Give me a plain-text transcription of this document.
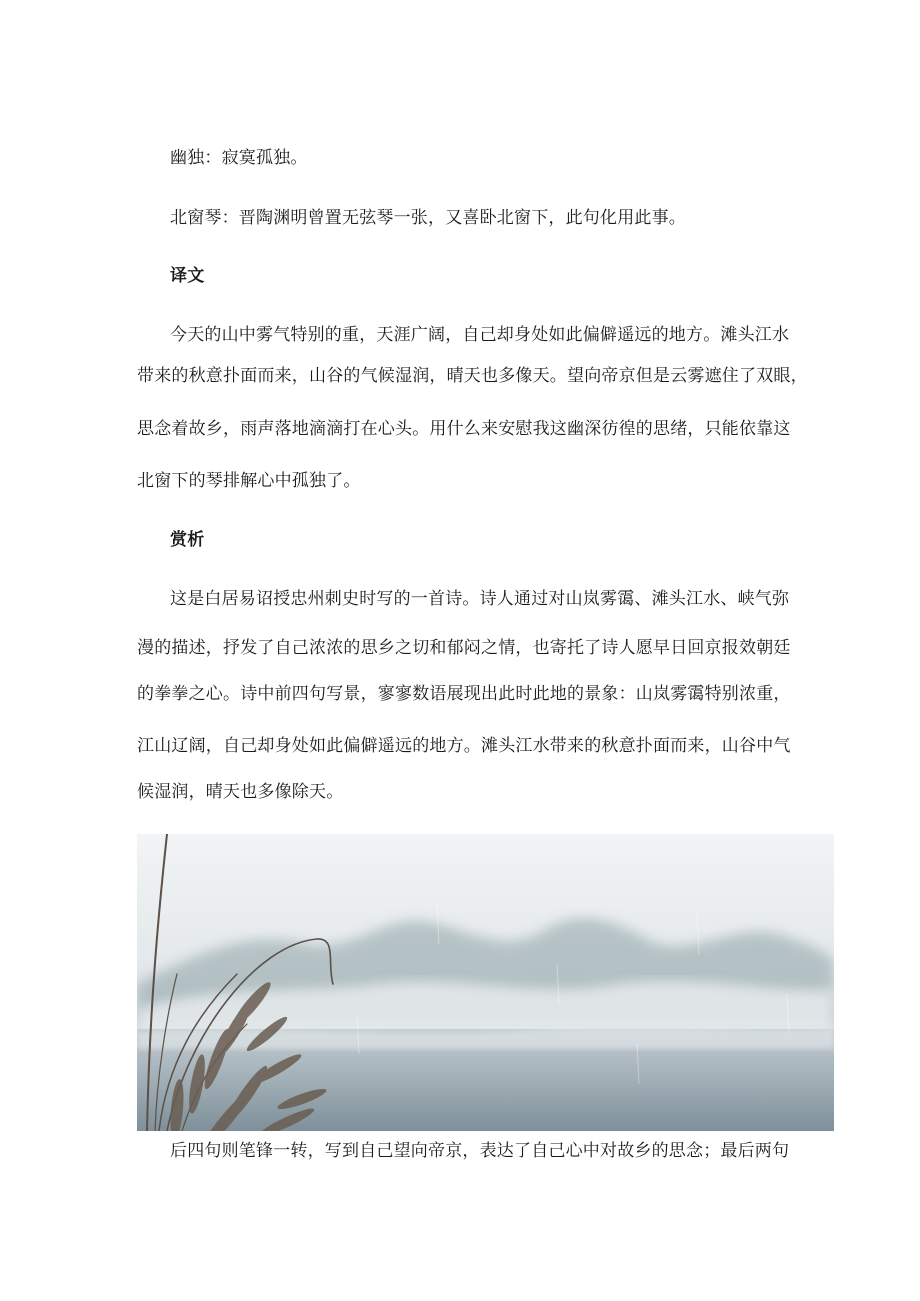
幽独：寂寞孤独。
北窗琴：晋陶渊明曾置无弦琴一张，又喜卧北窗下，此句化用此事。
译文
今天的山中雾气特别的重，天涯广阔，自己却身处如此偏僻遥远的地方。滩头江水
带来的秋意扑面而来，山谷的气候湿润，晴天也多像天。望向帝京但是云雾遮住了双眼，
思念着故乡，雨声落地滴滴打在心头。用什么来安慰我这幽深彷徨的思绪，只能依靠这
北窗下的琴排解心中孤独了。
赏析
这是白居易诏授忠州刺史时写的一首诗。诗人通过对山岚雾霭、滩头江水、峡气弥
漫的描述，抒发了自己浓浓的思乡之切和郁闷之情，也寄托了诗人愿早日回京报效朝廷
的拳拳之心。诗中前四句写景，寥寥数语展现出此时此地的景象：山岚雾霭特别浓重，
江山辽阔，自己却身处如此偏僻遥远的地方。滩头江水带来的秋意扑面而来，山谷中气
候湿润，晴天也多像除天。
后四句则笔锋一转，写到自己望向帝京，表达了自己心中对故乡的思念；最后两句
